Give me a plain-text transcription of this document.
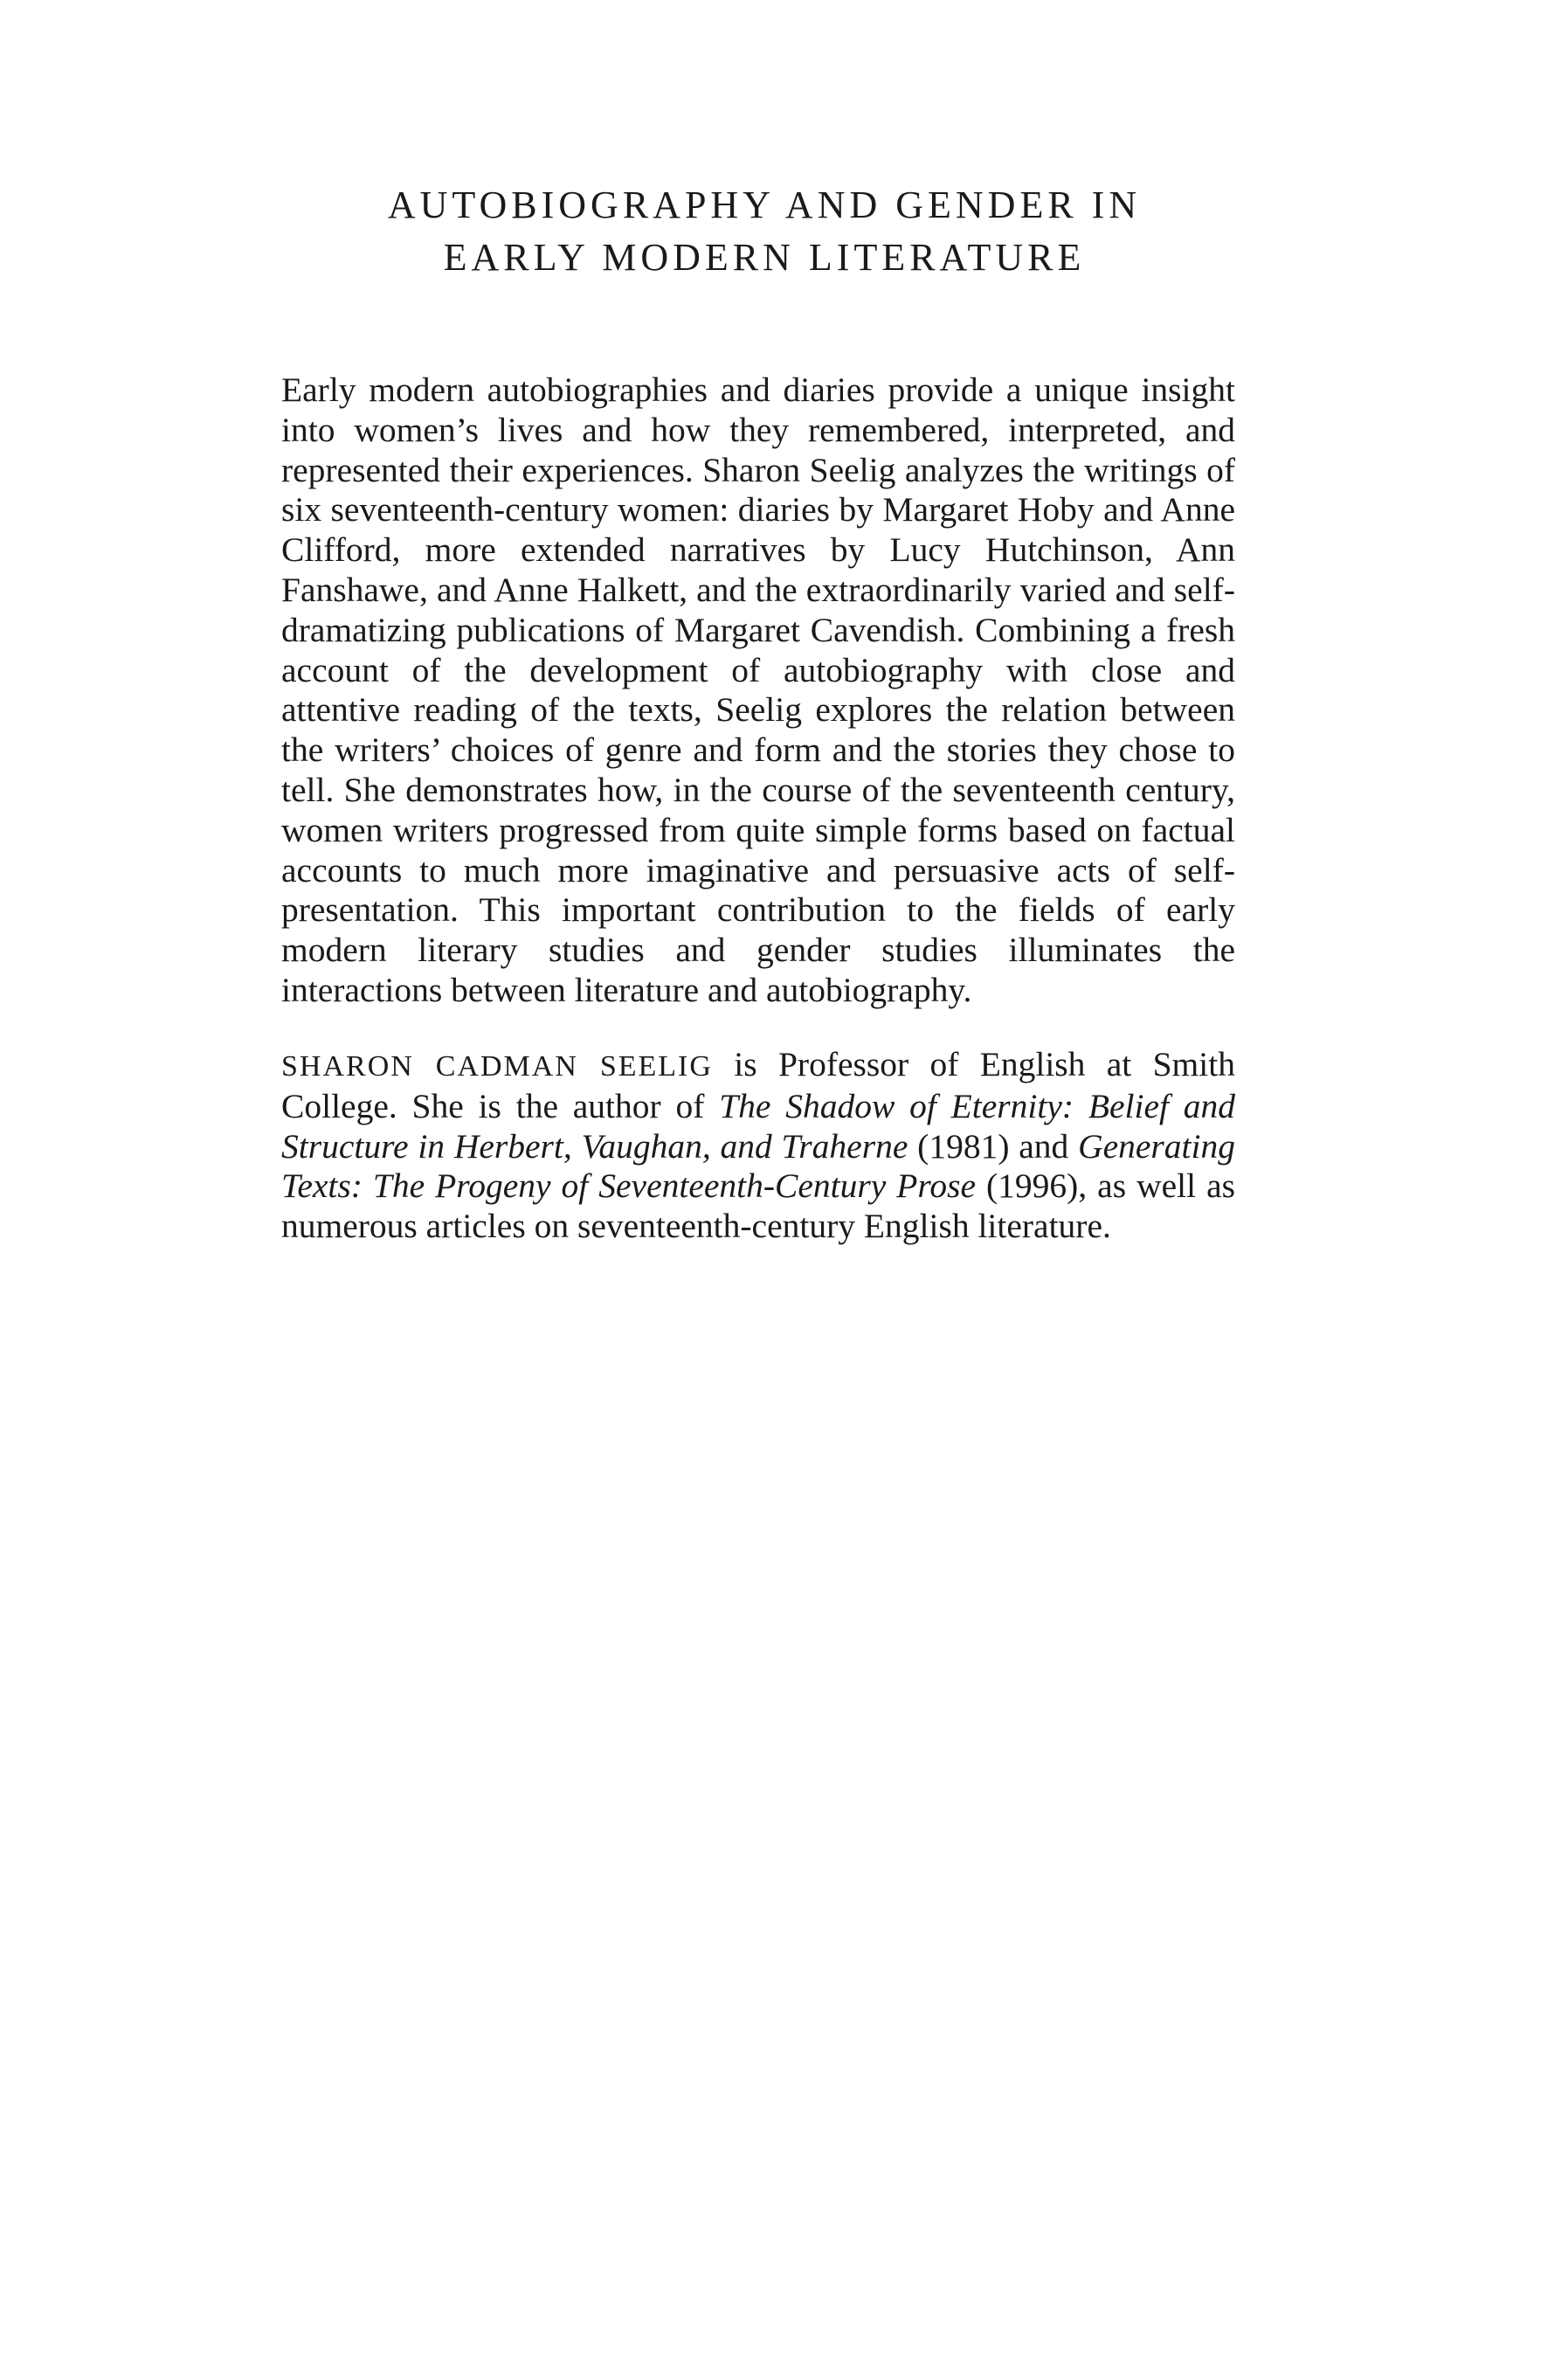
AUTOBIOGRAPHY AND GENDER IN
EARLY MODERN LITERATURE

Early modern autobiographies and diaries provide a unique insight into women’s lives and how they remembered, interpreted, and represented their experiences. Sharon Seelig analyzes the writings of six seventeenth-century women: diaries by Margaret Hoby and Anne Clifford, more extended narratives by Lucy Hutchinson, Ann Fanshawe, and Anne Halkett, and the extraordinarily varied and self-dramatizing publications of Margaret Cavendish. Combining a fresh account of the development of autobiography with close and attentive reading of the texts, Seelig explores the relation between the writers’ choices of genre and form and the stories they chose to tell. She demonstrates how, in the course of the seventeenth century, women writers progressed from quite simple forms based on factual accounts to much more imaginative and persuasive acts of self-presentation. This important contribution to the fields of early modern literary studies and gender studies illuminates the interactions between literature and autobiography.

SHARON CADMAN SEELIG is Professor of English at Smith College. She is the author of The Shadow of Eternity: Belief and Structure in Herbert, Vaughan, and Traherne (1981) and Generating Texts: The Progeny of Seventeenth-Century Prose (1996), as well as numerous articles on seventeenth-century English literature.
